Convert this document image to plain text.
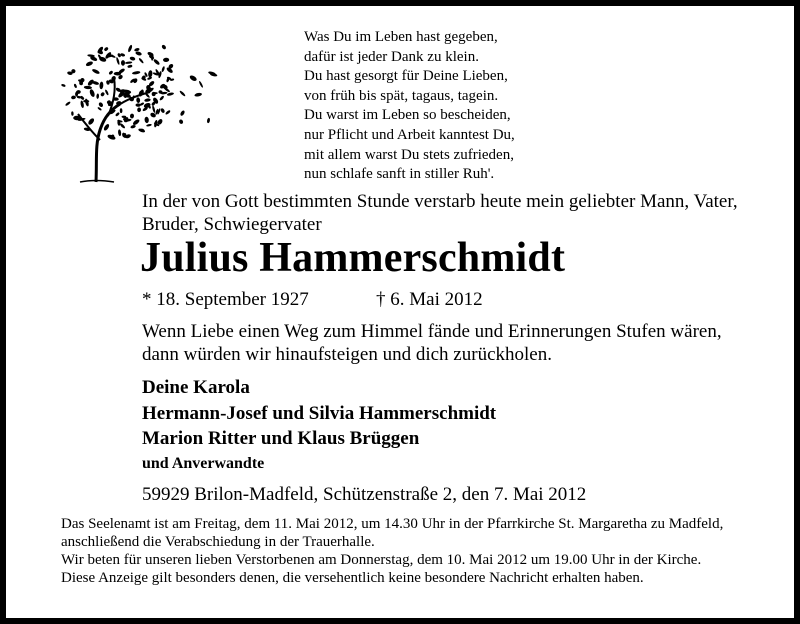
Was Du im Leben hast gegeben,
dafür ist jeder Dank zu klein.
Du hast gesorgt für Deine Lieben,
von früh bis spät, tagaus, tagein.
Du warst im Leben so bescheiden,
nur Pflicht und Arbeit kanntest Du,
mit allem warst Du stets zufrieden,
nun schlafe sanft in stiller Ruh'.
In der von Gott bestimmten Stunde verstarb heute mein geliebter Mann, Vater, Bruder, Schwiegervater
Julius Hammerschmidt
* 18. September 1927	† 6. Mai 2012
Wenn Liebe einen Weg zum Himmel fände und Erinnerungen Stufen wären, dann würden wir hinaufsteigen und dich zurückholen.
Deine Karola
Hermann-Josef und Silvia Hammerschmidt
Marion Ritter und Klaus Brüggen
und Anverwandte
59929 Brilon-Madfeld, Schützenstraße 2, den 7. Mai 2012
Das Seelenamt ist am Freitag, dem 11. Mai 2012, um 14.30 Uhr in der Pfarrkirche St. Margaretha zu Madfeld, anschließend die Verabschiedung in der Trauerhalle.
Wir beten für unseren lieben Verstorbenen am Donnerstag, dem 10. Mai 2012 um 19.00 Uhr in der Kirche.
Diese Anzeige gilt besonders denen, die versehentlich keine besondere Nachricht erhalten haben.
